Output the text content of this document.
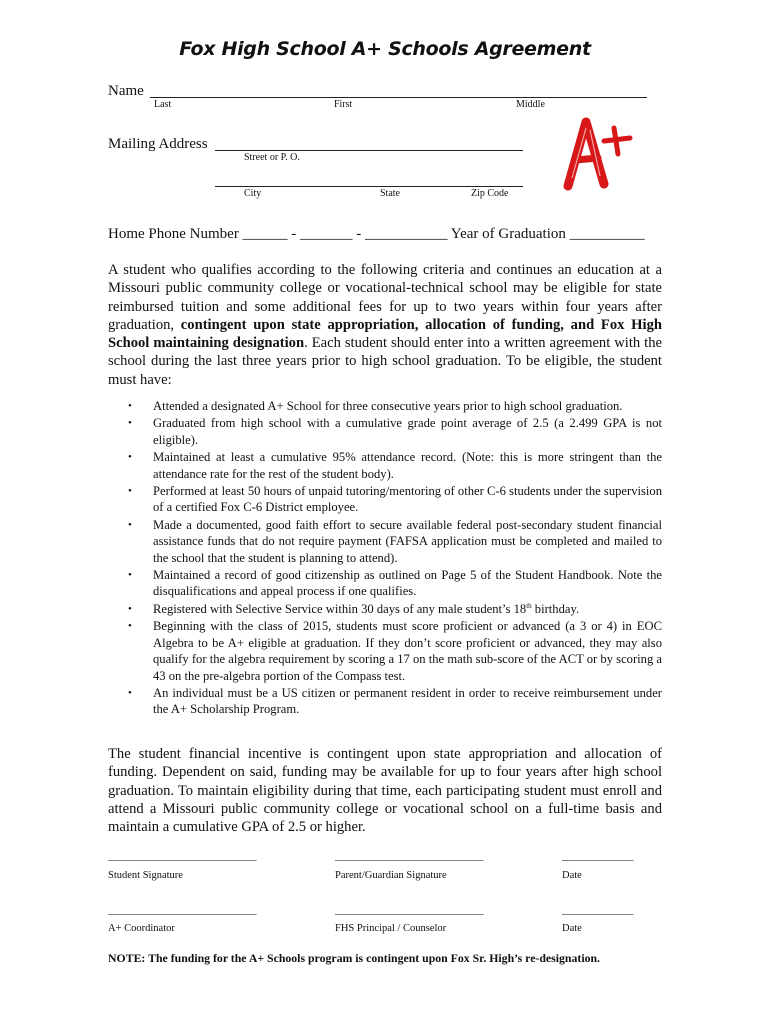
Fox High School A+ Schools Agreement
Name
Last	First	Middle
Mailing Address
Street or P. O.
City	State	Zip Code
Home Phone Number ______ - _______ - ___________ Year of Graduation __________
A student who qualifies according to the following criteria and continues an education at a Missouri public community college or vocational-technical school may be eligible for state reimbursed tuition and some additional fees for up to two years within four years after graduation, contingent upon state appropriation, allocation of funding, and Fox High School maintaining designation. Each student should enter into a written agreement with the school during the last three years prior to high school graduation. To be eligible, the student must have:
• Attended a designated A+ School for three consecutive years prior to high school graduation.
• Graduated from high school with a cumulative grade point average of 2.5 (a 2.499 GPA is not eligible).
• Maintained at least a cumulative 95% attendance record. (Note: this is more stringent than the attendance rate for the rest of the student body).
• Performed at least 50 hours of unpaid tutoring/mentoring of other C-6 students under the supervision of a certified Fox C-6 District employee.
• Made a documented, good faith effort to secure available federal post-secondary student financial assistance funds that do not require payment (FAFSA application must be completed and mailed to the school that the student is planning to attend).
• Maintained a record of good citizenship as outlined on Page 5 of the Student Handbook. Note the disqualifications and appeal process if one qualifies.
• Registered with Selective Service within 30 days of any male student’s 18th birthday.
• Beginning with the class of 2015, students must score proficient or advanced (a 3 or 4) in EOC Algebra to be A+ eligible at graduation. If they don’t score proficient or advanced, they may also qualify for the algebra requirement by scoring a 17 on the math sub-score of the ACT or by scoring a 43 on the pre-algebra portion of the Compass test.
• An individual must be a US citizen or permanent resident in order to receive reimbursement under the A+ Scholarship Program.
The student financial incentive is contingent upon state appropriation and allocation of funding. Dependent on said, funding may be available for up to four years after high school graduation. To maintain eligibility during that time, each participating student must enroll and attend a Missouri public community college or vocational school on a full-time basis and maintain a cumulative GPA of 2.5 or higher.
___________________________	___________________________	_____________
Student Signature	Parent/Guardian Signature	Date
___________________________	___________________________	_____________
A+ Coordinator	FHS Principal / Counselor	Date
NOTE: The funding for the A+ Schools program is contingent upon Fox Sr. High’s re-designation.
